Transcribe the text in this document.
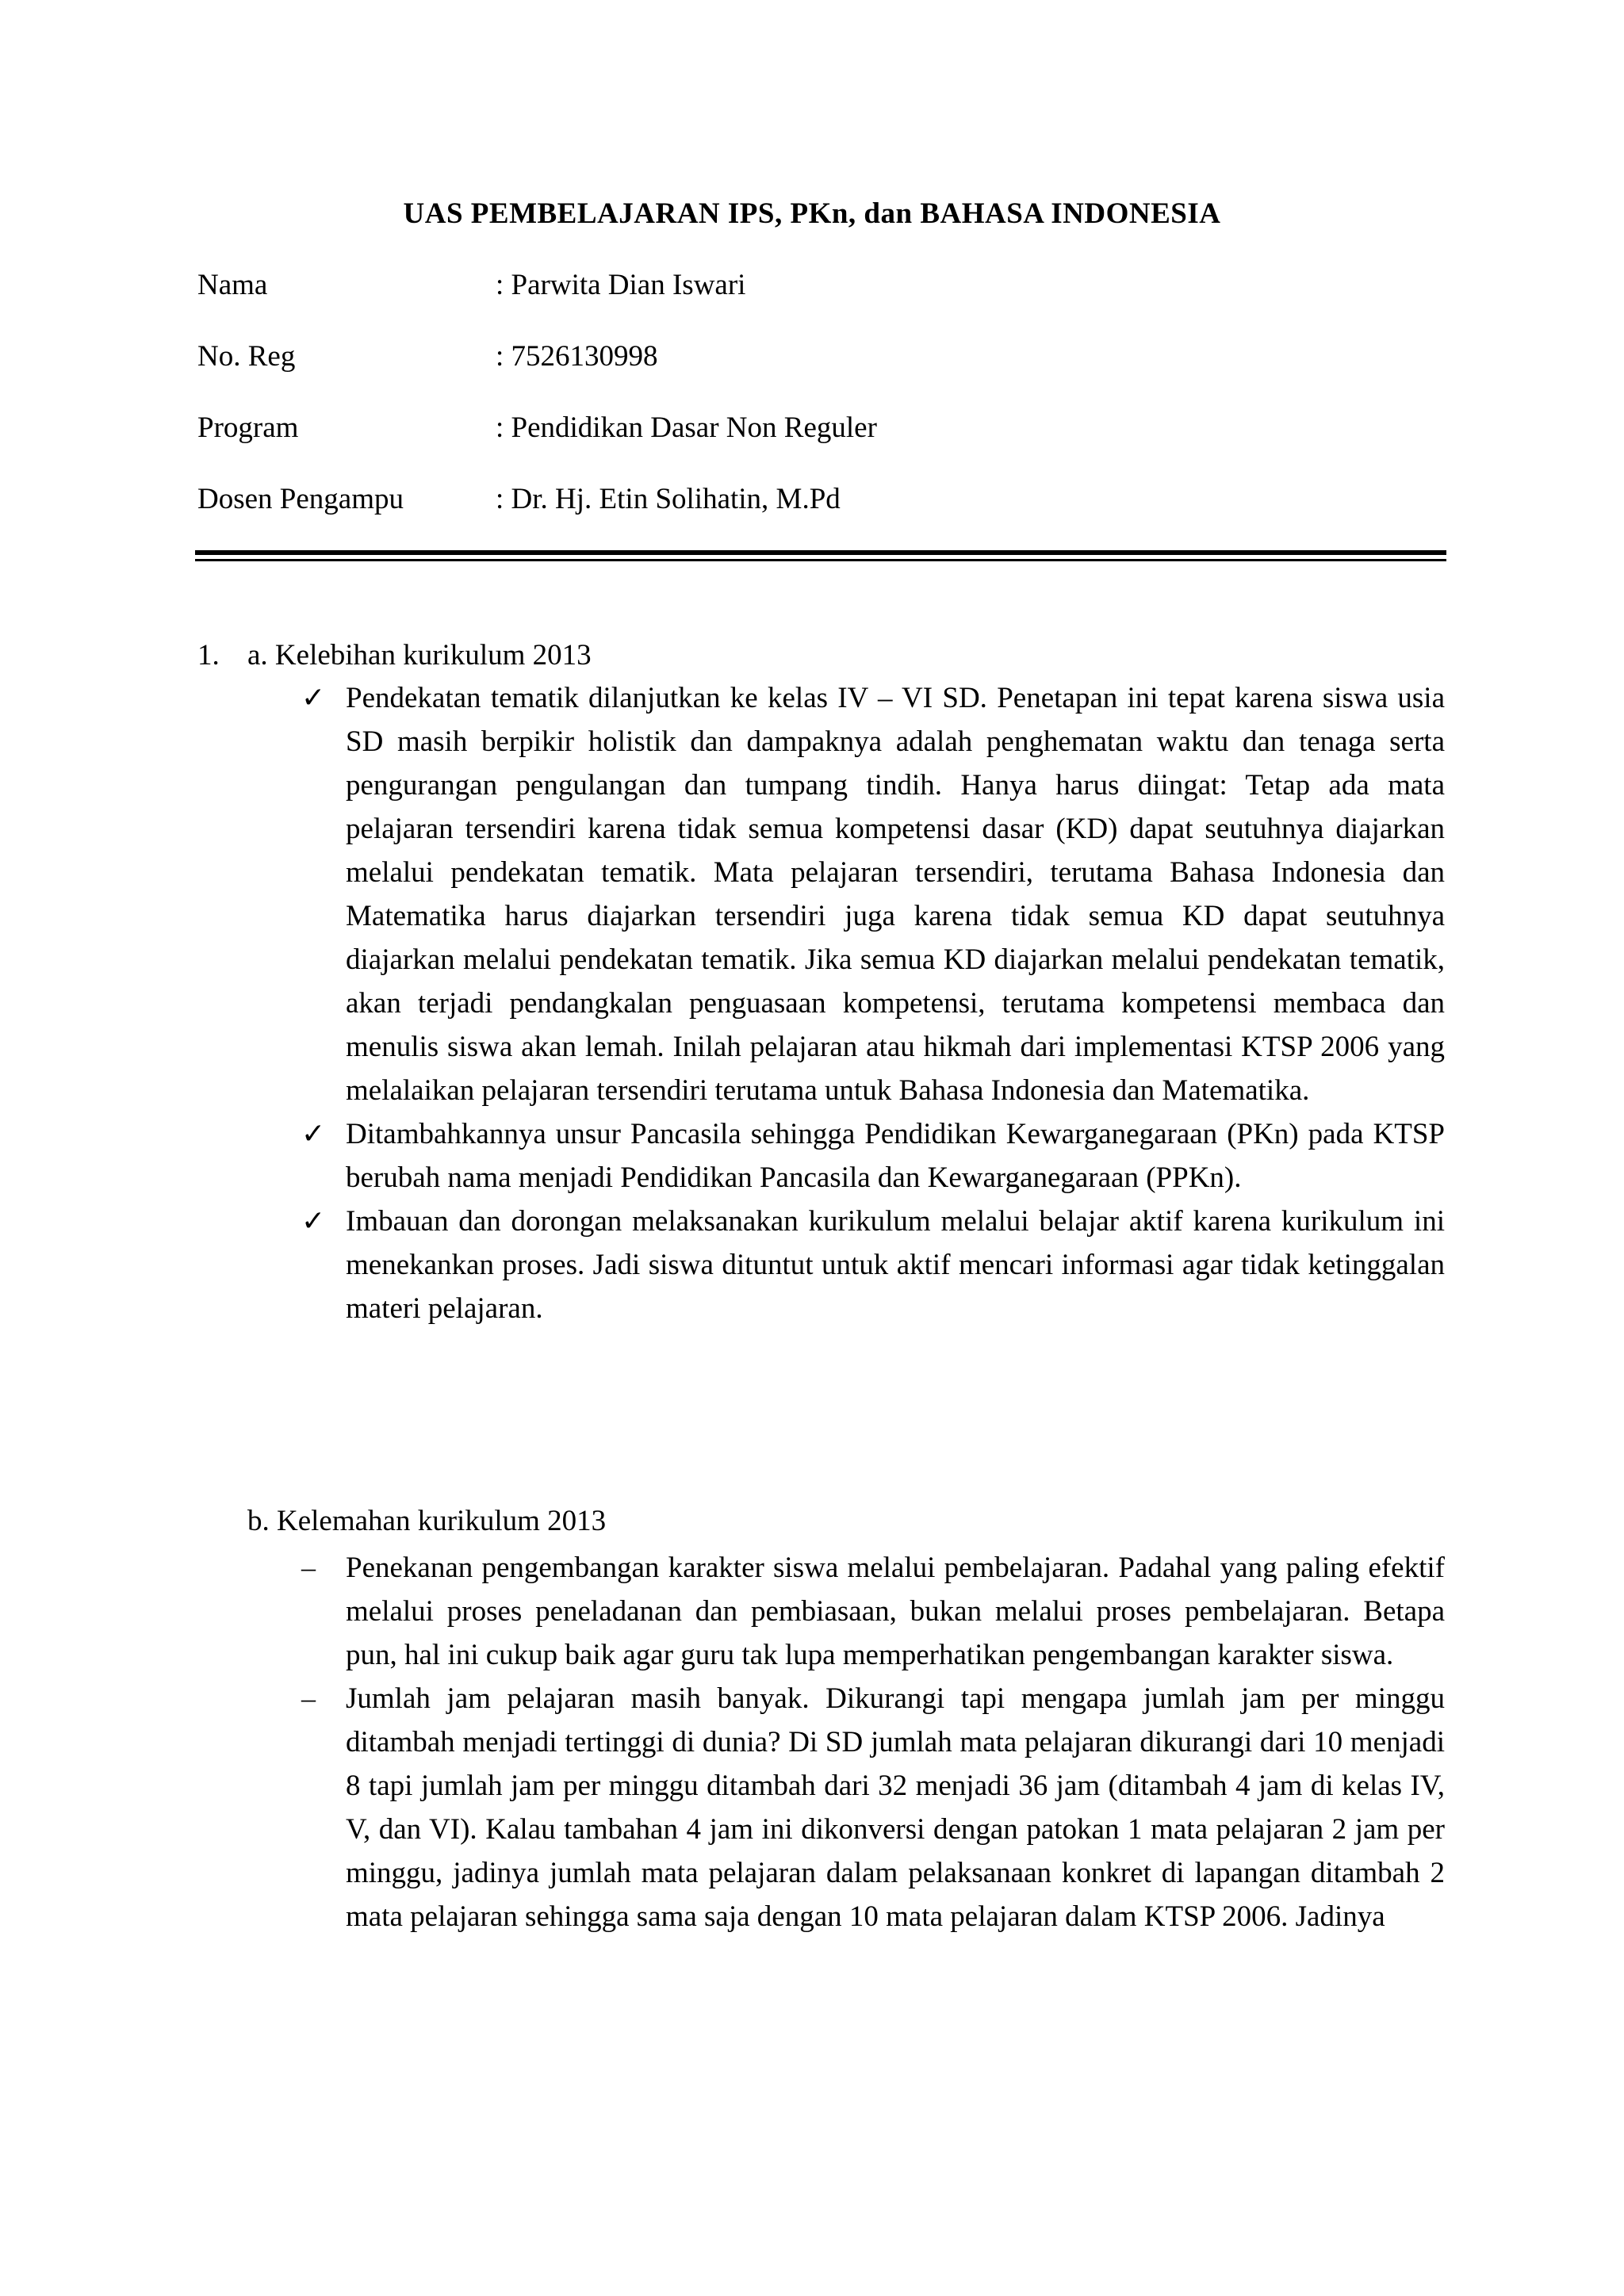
UAS PEMBELAJARAN IPS, PKn, dan BAHASA INDONESIA
Nama	: Parwita Dian Iswari
No. Reg	: 7526130998
Program	: Pendidikan Dasar Non Reguler
Dosen Pengampu	: Dr. Hj. Etin Solihatin, M.Pd
1. a. Kelebihan kurikulum 2013
✓ Pendekatan tematik dilanjutkan ke kelas IV – VI SD. Penetapan ini tepat karena siswa usia SD masih berpikir holistik dan dampaknya adalah penghematan waktu dan tenaga serta pengurangan pengulangan dan tumpang tindih. Hanya harus diingat: Tetap ada mata pelajaran tersendiri karena tidak semua kompetensi dasar (KD) dapat seutuhnya diajarkan melalui pendekatan tematik. Mata pelajaran tersendiri, terutama Bahasa Indonesia dan Matematika harus diajarkan tersendiri juga karena tidak semua KD dapat seutuhnya diajarkan melalui pendekatan tematik. Jika semua KD diajarkan melalui pendekatan tematik, akan terjadi pendangkalan penguasaan kompetensi, terutama kompetensi membaca dan menulis siswa akan lemah. Inilah pelajaran atau hikmah dari implementasi KTSP 2006 yang melalaikan pelajaran tersendiri terutama untuk Bahasa Indonesia dan Matematika.
✓ Ditambahkannya unsur Pancasila sehingga Pendidikan Kewarganegaraan (PKn) pada KTSP berubah nama menjadi Pendidikan Pancasila dan Kewarganegaraan (PPKn).
✓ Imbauan dan dorongan melaksanakan kurikulum melalui belajar aktif karena kurikulum ini menekankan proses. Jadi siswa dituntut untuk aktif mencari informasi agar tidak ketinggalan materi pelajaran.
b. Kelemahan kurikulum 2013
–	Penekanan pengembangan karakter siswa melalui pembelajaran. Padahal yang paling efektif melalui proses peneladanan dan pembiasaan, bukan melalui proses pembelajaran. Betapa pun, hal ini cukup baik agar guru tak lupa memperhatikan pengembangan karakter siswa.
–	Jumlah jam pelajaran masih banyak. Dikurangi tapi mengapa jumlah jam per minggu ditambah menjadi tertinggi di dunia? Di SD jumlah mata pelajaran dikurangi dari 10 menjadi 8 tapi jumlah jam per minggu ditambah dari 32 menjadi 36 jam (ditambah 4 jam di kelas IV, V, dan VI). Kalau tambahan 4 jam ini dikonversi dengan patokan 1 mata pelajaran 2 jam per minggu, jadinya jumlah mata pelajaran dalam pelaksanaan konkret di lapangan ditambah 2 mata pelajaran sehingga sama saja dengan 10 mata pelajaran dalam KTSP 2006. Jadinya
